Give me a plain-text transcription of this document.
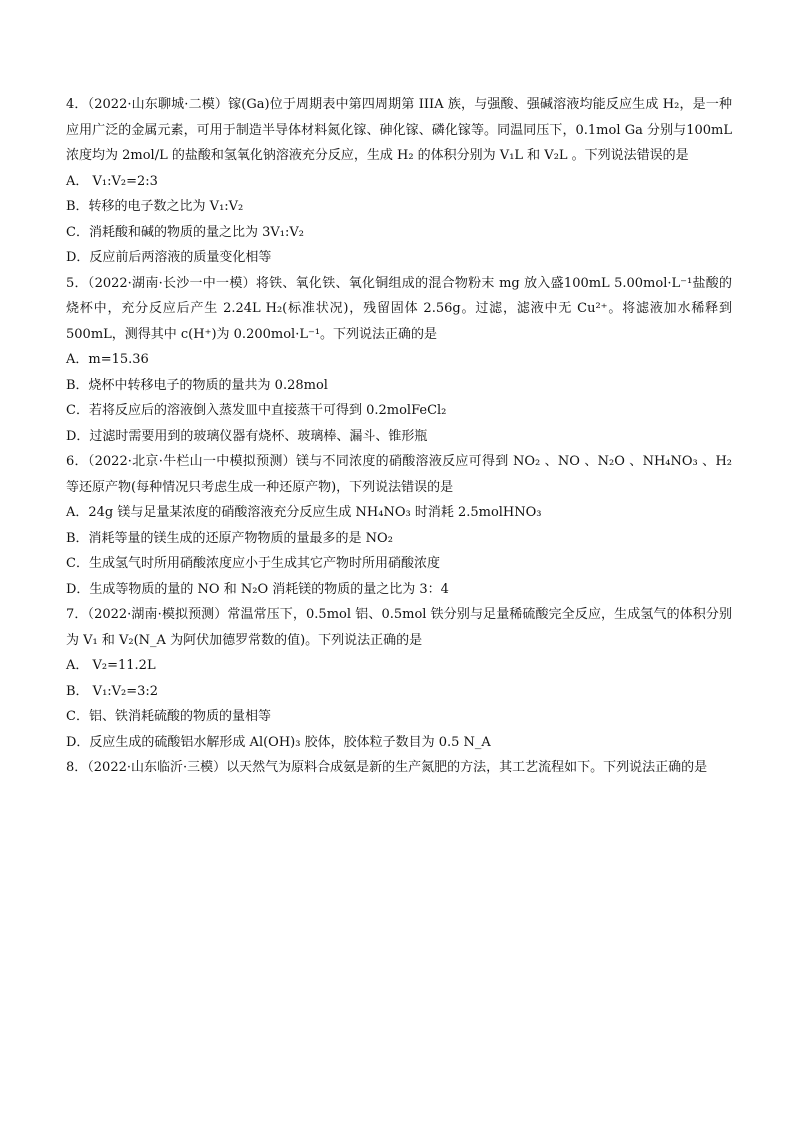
4．（2022·山东聊城·二模）镓(Ga)位于周期表中第四周期第 IIIA 族，与强酸、强碱溶液均能反应生成 H₂，是一种应用广泛的金属元素，可用于制造半导体材料氮化镓、砷化镓、磷化镓等。同温同压下，0.1mol Ga 分别与100mL 浓度均为 2mol/L 的盐酸和氢氧化钠溶液充分反应，生成 H₂ 的体积分别为 V₁L 和 V₂L 。下列说法错误的是
A． V₁:V₂=2:3
B．转移的电子数之比为 V₁:V₂
C．消耗酸和碱的物质的量之比为 3V₁:V₂
D．反应前后两溶液的质量变化相等
5．（2022·湖南·长沙一中一模）将铁、氧化铁、氧化铜组成的混合物粉末 mg 放入盛100mL 5.00mol·L⁻¹盐酸的烧杯中，充分反应后产生 2.24L H₂(标准状况)，残留固体 2.56g。过滤，滤液中无 Cu²⁺。将滤液加水稀释到 500mL，测得其中 c(H⁺)为 0.200mol·L⁻¹。下列说法正确的是
A．m=15.36
B．烧杯中转移电子的物质的量共为 0.28mol
C．若将反应后的溶液倒入蒸发皿中直接蒸干可得到 0.2molFeCl₂
D．过滤时需要用到的玻璃仪器有烧杯、玻璃棒、漏斗、锥形瓶
6．（2022·北京·牛栏山一中模拟预测）镁与不同浓度的硝酸溶液反应可得到 NO₂ 、NO 、N₂O 、NH₄NO₃ 、H₂ 等还原产物(每种情况只考虑生成一种还原产物)，下列说法错误的是
A．24g 镁与足量某浓度的硝酸溶液充分反应生成 NH₄NO₃ 时消耗 2.5molHNO₃
B．消耗等量的镁生成的还原产物物质的量最多的是 NO₂
C．生成氢气时所用硝酸浓度应小于生成其它产物时所用硝酸浓度
D．生成等物质的量的 NO 和 N₂O 消耗镁的物质的量之比为 3：4
7．（2022·湖南·模拟预测）常温常压下，0.5mol 铝、0.5mol 铁分别与足量稀硫酸完全反应，生成氢气的体积分别为 V₁ 和 V₂(N_A 为阿伏加德罗常数的值)。下列说法正确的是
A． V₂=11.2L
B． V₁:V₂=3:2
C．铝、铁消耗硫酸的物质的量相等
D．反应生成的硫酸铝水解形成 Al(OH)₃ 胶体，胶体粒子数目为 0.5 N_A
8．（2022·山东临沂·三模）以天然气为原料合成氨是新的生产氮肥的方法，其工艺流程如下。下列说法正确的是
